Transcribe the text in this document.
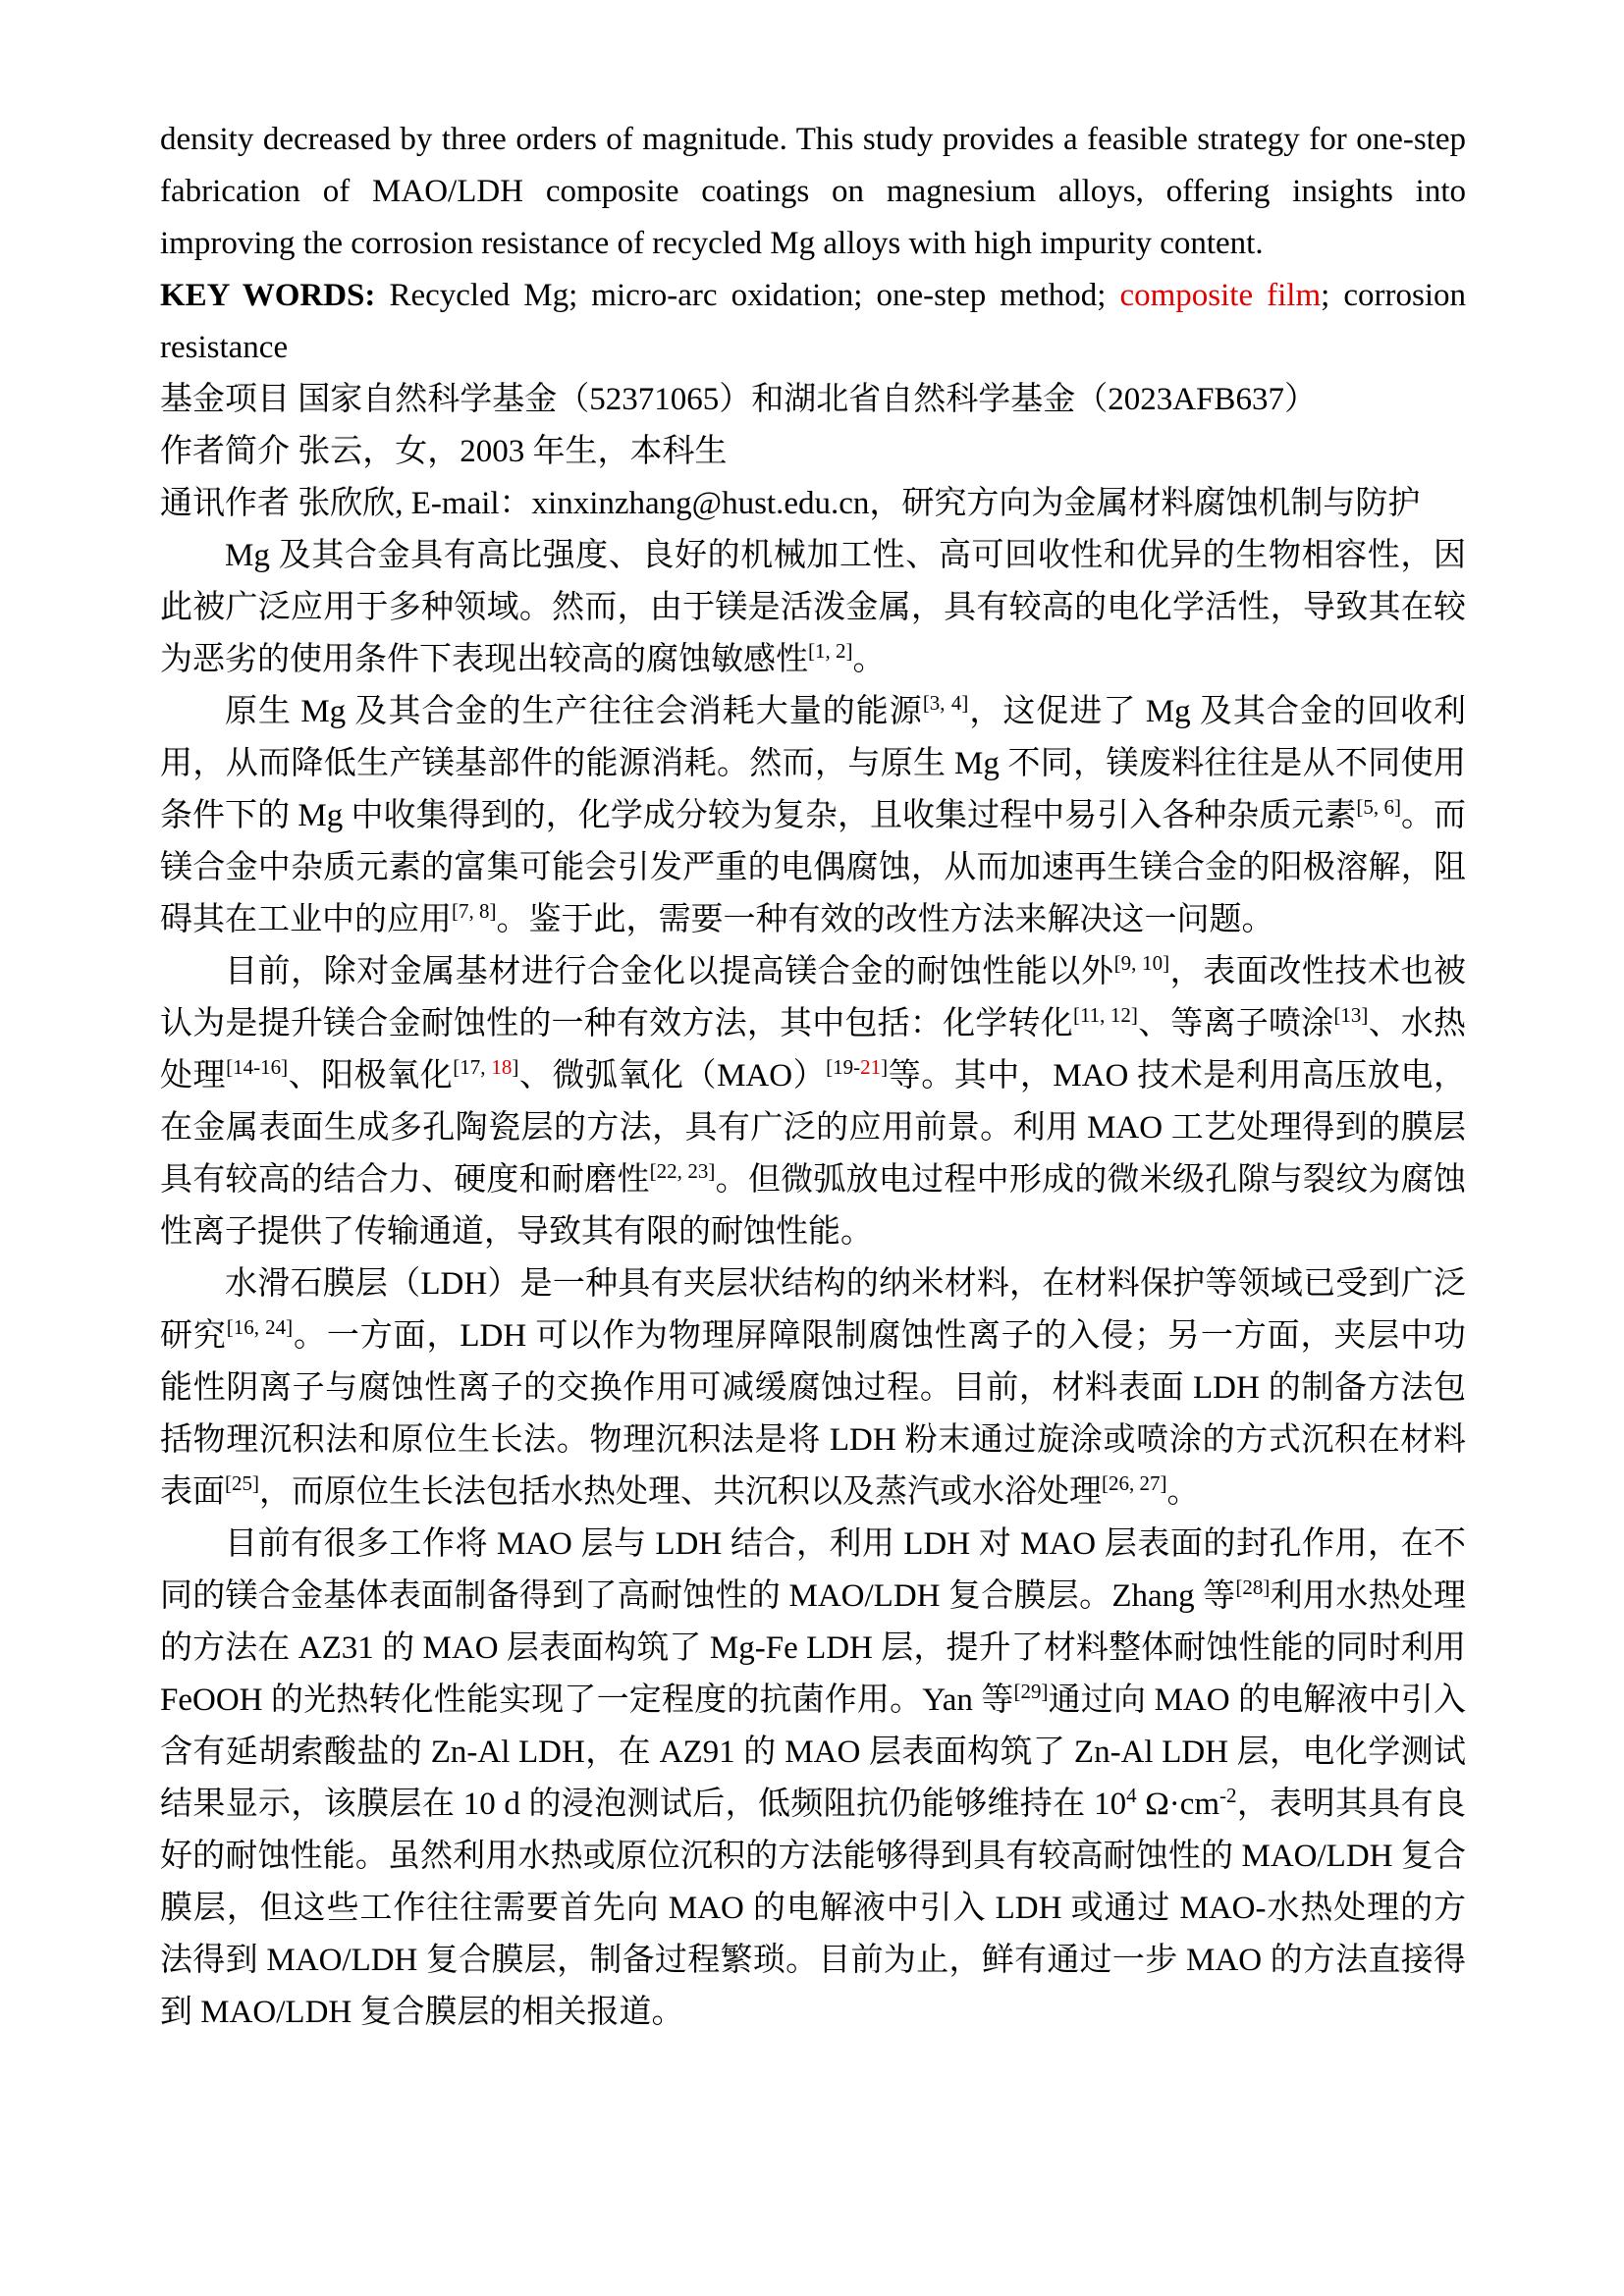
density decreased by three orders of magnitude. This study provides a feasible strategy for one-step fabrication of MAO/LDH composite coatings on magnesium alloys, offering insights into improving the corrosion resistance of recycled Mg alloys with high impurity content.

KEY WORDS: Recycled Mg; micro-arc oxidation; one-step method; composite film; corrosion resistance

基金项目 国家自然科学基金（52371065）和湖北省自然科学基金（2023AFB637）

作者简介 张云，女，2003 年生，本科生

通讯作者 张欣欣, E-mail：xinxinzhang@hust.edu.cn，研究方向为金属材料腐蚀机制与防护

Mg 及其合金具有高比强度、良好的机械加工性、高可回收性和优异的生物相容性，因此被广泛应用于多种领域。然而，由于镁是活泼金属，具有较高的电化学活性，导致其在较为恶劣的使用条件下表现出较高的腐蚀敏感性[1, 2]。

原生 Mg 及其合金的生产往往会消耗大量的能源[3, 4]，这促进了 Mg 及其合金的回收利用，从而降低生产镁基部件的能源消耗。然而，与原生 Mg 不同，镁废料往往是从不同使用条件下的 Mg 中收集得到的，化学成分较为复杂，且收集过程中易引入各种杂质元素[5, 6]。而镁合金中杂质元素的富集可能会引发严重的电偶腐蚀，从而加速再生镁合金的阳极溶解，阻碍其在工业中的应用[7, 8]。鉴于此，需要一种有效的改性方法来解决这一问题。

目前，除对金属基材进行合金化以提高镁合金的耐蚀性能以外[9, 10]，表面改性技术也被认为是提升镁合金耐蚀性的一种有效方法，其中包括：化学转化[11, 12]、等离子喷涂[13]、水热处理[14-16]、阳极氧化$^{[17,}$ $^{18]}$、微弧氧化（MAO）[19-21]等。其中，MAO 技术是利用高压放电，在金属表面生成多孔陶瓷层的方法，具有广泛的应用前景。利用 MAO 工艺处理得到的膜层具有较高的结合力、硬度和耐磨性[22, 23]。但微弧放电过程中形成的微米级孔隙与裂纹为腐蚀性离子提供了传输通道，导致其有限的耐蚀性能。

水滑石膜层（LDH）是一种具有夹层状结构的纳米材料，在材料保护等领域已受到广泛研究[16, 24]。一方面，LDH 可以作为物理屏障限制腐蚀性离子的入侵；另一方面，夹层中功能性阴离子与腐蚀性离子的交换作用可减缓腐蚀过程。目前，材料表面 LDH 的制备方法包括物理沉积法和原位生长法。物理沉积法是将 LDH 粉末通过旋涂或喷涂的方式沉积在材料表面[25]，而原位生长法包括水热处理、共沉积以及蒸汽或水浴处理[26, 27]。

目前有很多工作将 MAO 层与 LDH 结合，利用 LDH 对 MAO 层表面的封孔作用，在不同的镁合金基体表面制备得到了高耐蚀性的 MAO/LDH 复合膜层。Zhang 等[28]利用水热处理的方法在 AZ31 的 MAO 层表面构筑了 Mg-Fe LDH 层，提升了材料整体耐蚀性能的同时利用 FeOOH 的光热转化性能实现了一定程度的抗菌作用。Yan 等[29]通过向 MAO 的电解液中引入含有延胡索酸盐的 Zn-Al LDH，在 AZ91 的 MAO 层表面构筑了 Zn-Al LDH 层，电化学测试结果显示，该膜层在 10 d 的浸泡测试后，低频阻抗仍能够维持在 $10^4$ $\Omega\cdot cm^{-2}$，表明其具有良好的耐蚀性能。虽然利用水热或原位沉积的方法能够得到具有较高耐蚀性的 MAO/LDH 复合膜层，但这些工作往往需要首先向 MAO 的电解液中引入 LDH 或通过 MAO-水热处理的方法得到 MAO/LDH 复合膜层，制备过程繁琐。目前为止，鲜有通过一步 MAO 的方法直接得到 MAO/LDH 复合膜层的相关报道。
